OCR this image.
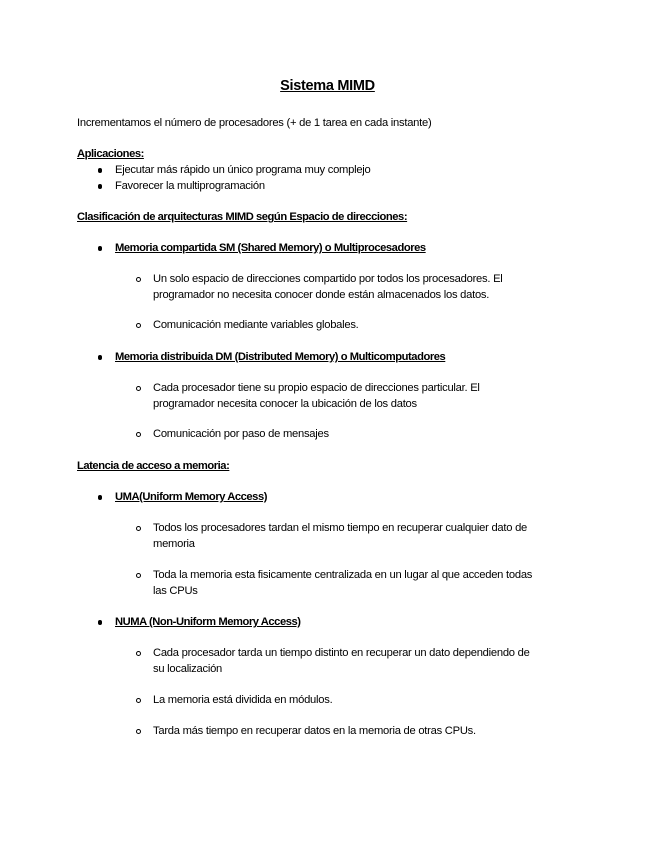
Sistema MIMD
Incrementamos el número de procesadores (+ de 1 tarea en cada instante)
Aplicaciones:
Ejecutar más rápido un único programa muy complejo
Favorecer la multiprogramación
Clasificación de arquitecturas MIMD según Espacio de direcciones:
Memoria compartida SM (Shared Memory) o Multiprocesadores
Un solo espacio de direcciones compartido por todos los procesadores. El
programador no necesita conocer donde están almacenados los datos.
Comunicación mediante variables globales.
Memoria distribuida DM (Distributed Memory) o Multicomputadores
Cada procesador tiene su propio espacio de direcciones particular. El
programador necesita conocer la ubicación de los datos
Comunicación por paso de mensajes
Latencia de acceso a memoria:
UMA(Uniform Memory Access)
Todos los procesadores tardan el mismo tiempo en recuperar cualquier dato de
memoria
Toda la memoria esta fisicamente centralizada en un lugar al que acceden todas
las CPUs
NUMA (Non-Uniform Memory Access)
Cada procesador tarda un tiempo distinto en recuperar un dato dependiendo de
su localización
La memoria está dividida en módulos.
Tarda más tiempo en recuperar datos en la memoria de otras CPUs.
